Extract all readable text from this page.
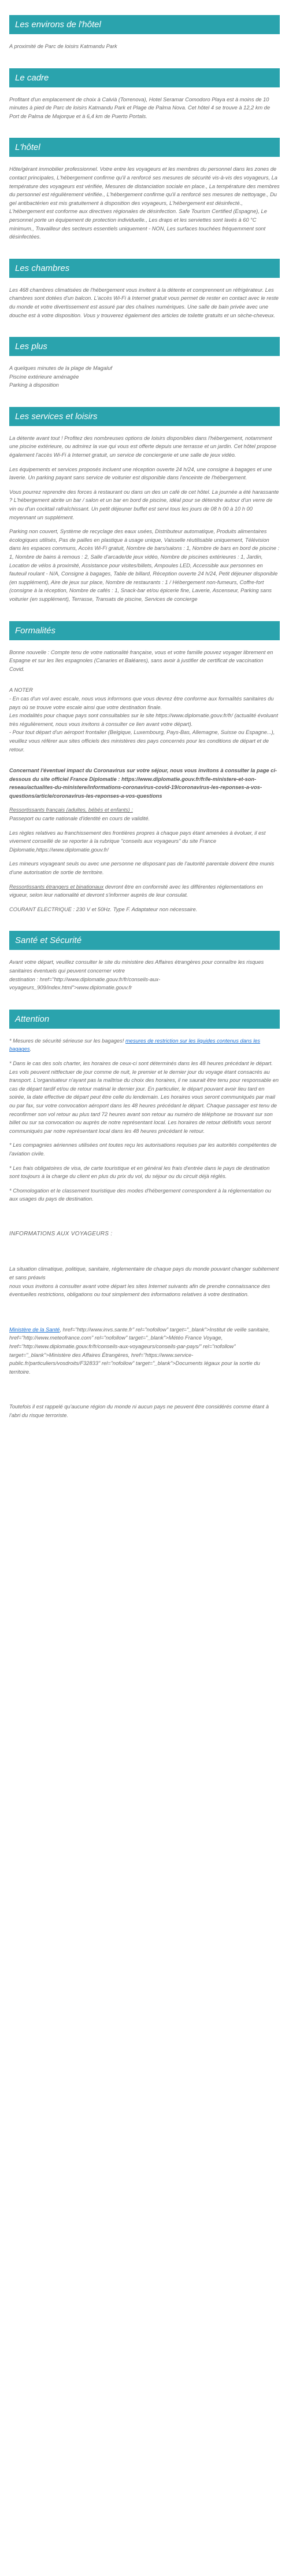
Les environs de l'hôtel

A proximité de Parc de loisirs Katmandu Park

Le cadre

Profitant d'un emplacement de choix à Calvià (Torrenova), Hotel Seramar Comodoro Playa est à moins de 10 minutes à pied de Parc de loisirs Katmandu Park et Plage de Palma Nova. Cet hôtel 4 se trouve à 12,2 km de Port de Palma de Majorque et à 6,4 km de Puerto Portals.

L'hôtel

Hôte/gérant immobilier professionnel. Votre entre les voyageurs et les membres du personnel dans les zones de contact principales, L'hébergement confirme qu'il a renforcé ses mesures de sécurité vis-à-vis des voyageurs, La température des voyageurs est vérifiée, Mesures de distanciation sociale en place., La température des membres du personnel est régulièrement vérifiée., L'hébergement confirme qu'il a renforcé ses mesures de nettoyage., Du gel antibactérien est mis gratuitement à disposition des voyageurs, L'hébergement est désinfecté., L'hébergement est conforme aux directives régionales de désinfection. Safe Tourism Certified (Espagne), Le personnel porte un équipement de protection individuelle., Les draps et les serviettes sont lavés à 60 °C minimum., Travailleur des secteurs essentiels uniquement - NON, Les surfaces touchées fréquemment sont désinfectées.

Les chambres

Les 468 chambres climatisées de l'hébergement vous invitent à la détente et comprennent un réfrigérateur. Les chambres sont dotées d'un balcon. L'accès Wi-Fi à Internet gratuit vous permet de rester en contact avec le reste du monde et votre divertissement est assuré par des chaînes numériques. Une salle de bain privée avec une douche est à votre disposition. Vous y trouverez également des articles de toilette gratuits et un sèche-cheveux.

Les plus
A quelques minutes de la plage de Magaluf
Piscine extérieure aménagée
Parking à disposition
Les services et loisirs

La détente avant tout ! Profitez des nombreuses options de loisirs disponibles dans l'hébergement, notamment une piscine extérieure, ou admirez la vue qui vous est offerte depuis une terrasse et un jardin. Cet hôtel propose également l'accès Wi-Fi à Internet gratuit, un service de conciergerie et une salle de jeux vidéo.

Les équipements et services proposés incluent une réception ouverte 24 h/24, une consigne à bagages et une laverie. Un parking payant sans service de voiturier est disponible dans l'enceinte de l'hébergement.

Vous pourrez reprendre des forces à restaurant ou dans un des un café de cet hôtel. La journée a été harassante ? L'hébergement abrite un bar / salon et un bar en bord de piscine, idéal pour se détendre autour d'un verre de vin ou d'un cocktail rafraîchissant. Un petit déjeuner buffet est servi tous les jours de 08 h 00 à 10 h 00 moyennant un supplément.

Parking non couvert, Système de recyclage des eaux usées, Distributeur automatique, Produits alimentaires écologiques utilisés, Pas de pailles en plastique à usage unique, Vaisselle réutilisable uniquement, Télévision dans les espaces communs, Accès Wi-Fi gratuit, Nombre de bars/salons : 1, Nombre de bars en bord de piscine : 1, Nombre de bains à remous : 2, Salle d'arcade/de jeux vidéo, Nombre de piscines extérieures : 1, Jardin, Location de vélos à proximité, Assistance pour visites/billets, Ampoules LED, Accessible aux personnes en fauteuil roulant - N/A, Consigne à bagages, Table de billard, Réception ouverte 24 h/24, Petit déjeuner disponible (en supplément), Aire de jeux sur place, Nombre de restaurants : 1 / Hébergement non-fumeurs, Coffre-fort (consigne à la réception, Nombre de cafés : 1, Snack-bar et/ou épicerie fine, Laverie, Ascenseur, Parking sans voiturier (en supplément), Terrasse, Transats de piscine, Services de concierge

Formalités

Bonne nouvelle : Compte tenu de votre nationalité française, vous et votre famille pouvez voyager librement en Espagne et sur les îles espagnoles (Canaries et Baléares), sans avoir à justifier de certificat de vaccination Covid.

A NOTER

- En cas d'un vol avec escale, nous vous informons que vous devrez être conforme aux formalités sanitaires du pays où se trouve votre escale ainsi que votre destination finale.

Les modalités pour chaque pays sont consultables sur le site https://www.diplomatie.gouv.fr/fr/ (actualité évoluant très régulièrement, nous vous invitons à consulter ce lien avant votre départ).

- Pour tout départ d'un aéroport frontalier (Belgique, Luxembourg, Pays-Bas, Allemagne, Suisse ou Espagne...), veuillez vous référer aux sites officiels des ministères des pays concernés pour les conditions de départ et de retour.

Concernant l'éventuel impact du Coronavirus sur votre séjour, nous vous invitons à consulter la page ci-dessous du site officiel France Diplomatie : https://www.diplomatie.gouv.fr/fr/le-ministere-et-son-reseau/actualites-du-ministere/informations-coronavirus-covid-19/coronavirus-les-reponses-a-vos-questions/article/coronavirus-les-reponses-a-vos-questions

Ressortissants français (adultes, bébés et enfants) :

Passeport ou carte nationale d'identité en cours de validité.

Les règles relatives au franchissement des frontières propres à chaque pays étant amenées à évoluer, il est vivement conseillé de se reporter à la rubrique "conseils aux voyageurs" du site France Diplomatie,https://www.diplomatie.gouv.fr/

Les mineurs voyageant seuls ou avec une personne ne disposant pas de l'autorité parentale doivent être munis d'une autorisation de sortie de territoire.

Ressortissants étrangers et binationaux devront être en conformité avec les différentes réglementations en vigueur, selon leur nationalité et devront s'informer auprès de leur consulat.

COURANT ELECTRIQUE : 230 V et 50Hz. Type F. Adaptateur non nécessaire.

Santé et Sécurité

Avant votre départ, veuillez consulter le site du ministère des Affaires étrangères pour connaître les risques sanitaires éventuels qui peuvent concerner votre

destination : href="http://www.diplomatie.gouv.fr/fr/conseils-aux-voyageurs_909/index.html">www.diplomatie.gouv.fr

Attention

* Mesures de sécurité sérieuse sur les bagages! mesures de restriction sur les liquides contenus dans les bagages.

* Dans le cas des sols charter, les horaires de ceux-ci sont déterminés dans les 48 heures précédant le départ. Les vols peuvent nittfectuer de jour comme de nuit, le premier et le dernier jour du voyage étant consacrés au transport. L'organisateur n'ayant pas la maîtrise du choix des horaires, il ne saurait être tenu pour responsable en cas de départ tardif et/ou de retour matinal le dernier jour. En particulier, le départ pouvant avoir lieu tard en soirée, la date effective de départ peut être celle du lendemain. Les horaires vous seront communiqués par mail ou par fax, sur votre convocation aéroport dans les 48 heures précédant le départ. Chaque passager est tenu de reconfirmer son vol retour au plus tard 72 heures avant son retour au numéro de téléphone se trouvant sur son billet ou sur sa convocation ou auprès de notre représentant local. Les horaires de retour définitifs vous seront communiqués par notre représentant local dans les 48 heures précédant le retour.

* Les compagnies aériennes utilisées ont toutes reçu les autorisations requises par les autorités compétentes de l'aviation civile.

* Les frais obligatoires de visa, de carte touristique et en général les frais d'entrée dans le pays de destination sont toujours à la charge du client en plus du prix du vol, du séjour ou du circuit déjà réglés.

* Chomologation et le classement touristique des modes d'hébergement correspondent à la réglementation ou aux usages du pays de destination.

INFORMATIONS AUX VOYAGEURS :

La situation climatique, politique, sanitaire, réglementaire de chaque pays du monde pouvant changer subitement et sans préavis

nous vous invitons à consulter avant votre départ les sites Internet suivants afin de prendre connaissance des éventuelles restrictions, obligations ou tout simplement des informations relatives à votre destination.

Ministère de la Santé, href="http://www.invs.sante.fr" rel="nofollow" target="_blank">Institut de veille sanitaire, href="http://www.meteofrance.com" rel="nofollow" target="_blank">Météo France Voyage, href="http://www.diplomatie.gouv.fr/fr/conseils-aux-voyageurs/conseils-par-pays/" rel="nofollow" target="_blank">Ministère des Affaires Étrangères, href="https://www.service-public.fr/particuliers/vosdroits/F32833" rel="nofollow" target="_blank">Documents légaux pour la sortie du territoire.

Toutefois il est rappelé qu'aucune région du monde ni aucun pays ne peuvent être considérés comme étant à l'abri du risque terroriste.
